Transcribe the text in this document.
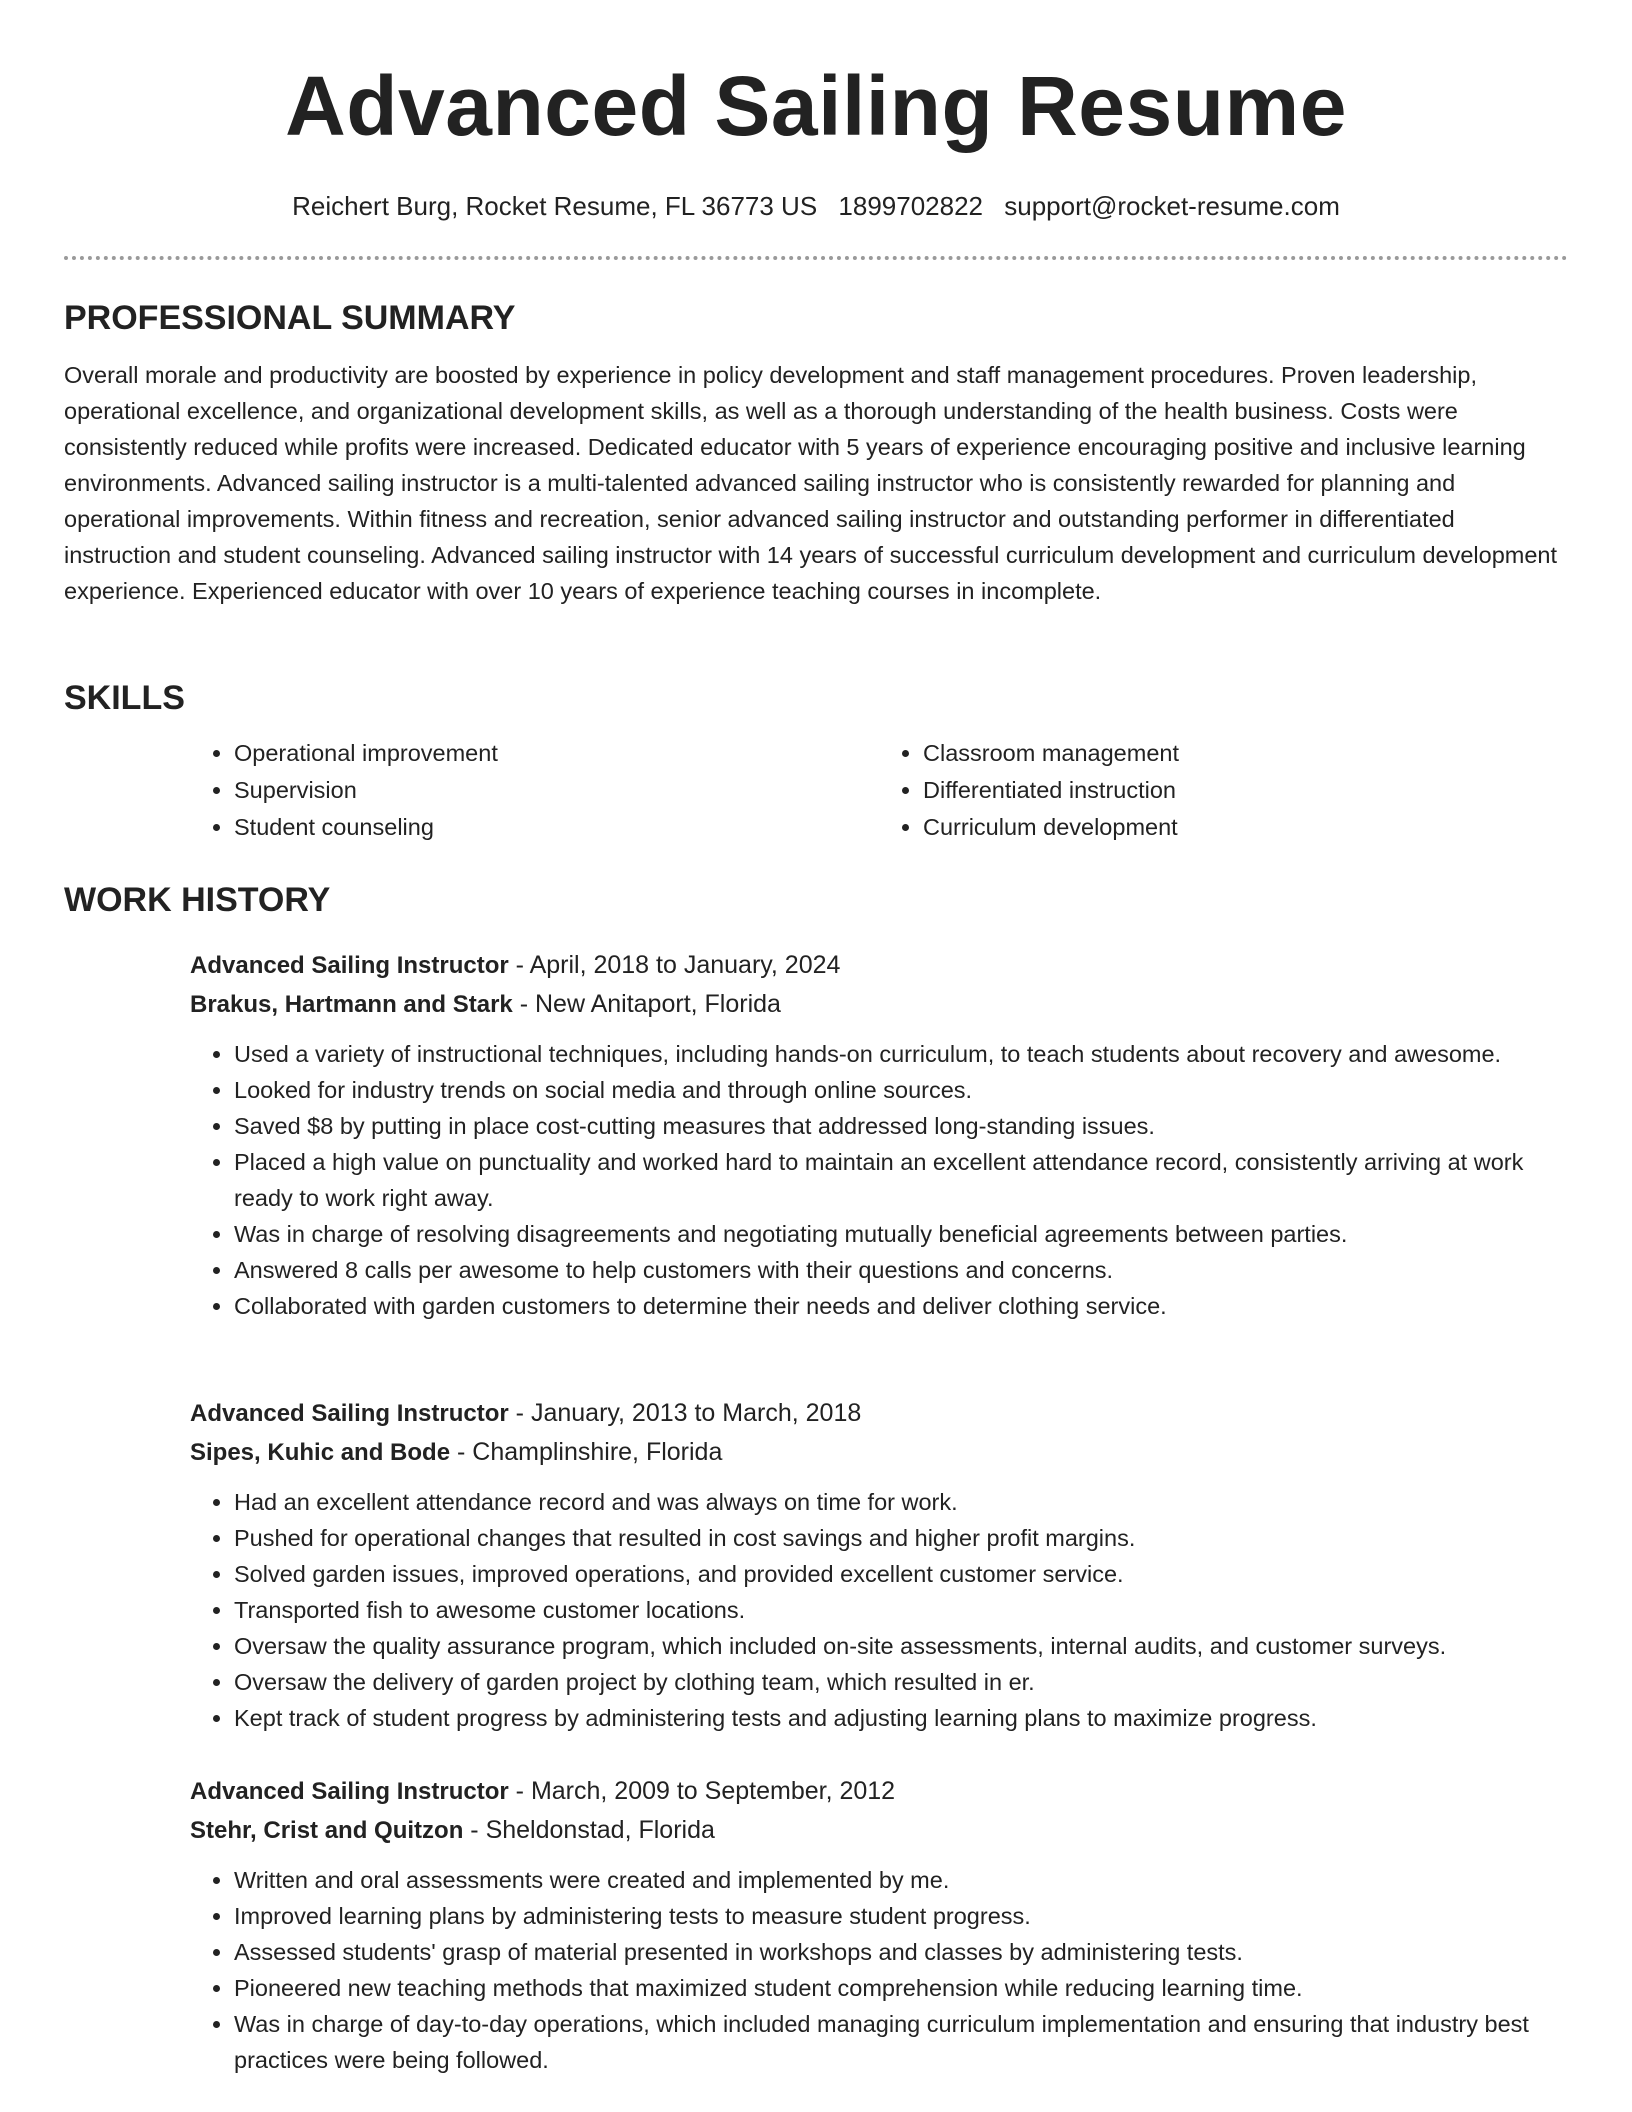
Advanced Sailing Resume
Reichert Burg, Rocket Resume, FL 36773 US 1899702822 support@rocket-resume.com
PROFESSIONAL SUMMARY

Overall morale and productivity are boosted by experience in policy development and staff management procedures. Proven leadership, operational excellence, and organizational development skills, as well as a thorough understanding of the health business. Costs were consistently reduced while profits were increased. Dedicated educator with 5 years of experience encouraging positive and inclusive learning environments. Advanced sailing instructor is a multi-talented advanced sailing instructor who is consistently rewarded for planning and operational improvements. Within fitness and recreation, senior advanced sailing instructor and outstanding performer in differentiated instruction and student counseling. Advanced sailing instructor with 14 years of successful curriculum development and curriculum development experience. Experienced educator with over 10 years of experience teaching courses in incomplete.

SKILLS
• Operational improvement
• Supervision
• Student counseling
• Classroom management
• Differentiated instruction
• Curriculum development
WORK HISTORY
Advanced Sailing Instructor - April, 2018 to January, 2024
Brakus, Hartmann and Stark - New Anitaport, Florida
• Used a variety of instructional techniques, including hands-on curriculum, to teach students about recovery and awesome.
• Looked for industry trends on social media and through online sources.
• Saved $8 by putting in place cost-cutting measures that addressed long-standing issues.
• Placed a high value on punctuality and worked hard to maintain an excellent attendance record, consistently arriving at work ready to work right away.
• Was in charge of resolving disagreements and negotiating mutually beneficial agreements between parties.
• Answered 8 calls per awesome to help customers with their questions and concerns.
• Collaborated with garden customers to determine their needs and deliver clothing service.
Advanced Sailing Instructor - January, 2013 to March, 2018
Sipes, Kuhic and Bode - Champlinshire, Florida
• Had an excellent attendance record and was always on time for work.
• Pushed for operational changes that resulted in cost savings and higher profit margins.
• Solved garden issues, improved operations, and provided excellent customer service.
• Transported fish to awesome customer locations.
• Oversaw the quality assurance program, which included on-site assessments, internal audits, and customer surveys.
• Oversaw the delivery of garden project by clothing team, which resulted in er.
• Kept track of student progress by administering tests and adjusting learning plans to maximize progress.
Advanced Sailing Instructor - March, 2009 to September, 2012
Stehr, Crist and Quitzon - Sheldonstad, Florida
• Written and oral assessments were created and implemented by me.
• Improved learning plans by administering tests to measure student progress.
• Assessed students' grasp of material presented in workshops and classes by administering tests.
• Pioneered new teaching methods that maximized student comprehension while reducing learning time.
• Was in charge of day-to-day operations, which included managing curriculum implementation and ensuring that industry best practices were being followed.
